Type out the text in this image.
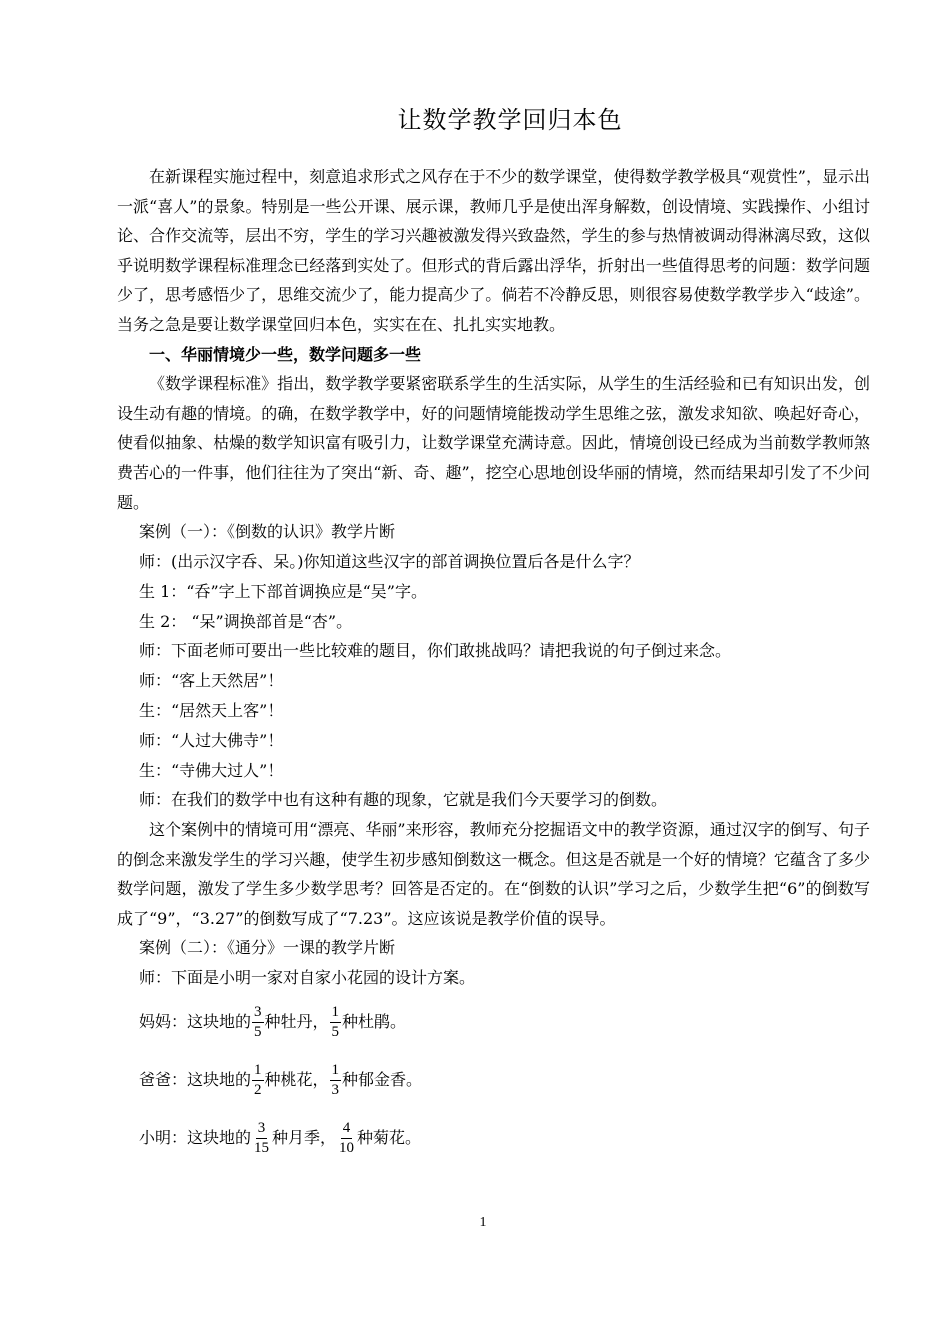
让数学教学回归本色

在新课程实施过程中，刻意追求形式之风存在于不少的数学课堂，使得数学教学极具“观赏性”，显示出一派“喜人”的景象。特别是一些公开课、展示课，教师几乎是使出浑身解数，创设情境、实践操作、小组讨论、合作交流等，层出不穷，学生的学习兴趣被激发得兴致盎然，学生的参与热情被调动得淋漓尽致，这似乎说明数学课程标准理念已经落到实处了。但形式的背后露出浮华，折射出一些值得思考的问题：数学问题少了，思考感悟少了，思维交流少了，能力提高少了。倘若不冷静反思，则很容易使数学教学步入“歧途”。当务之急是要让数学课堂回归本色，实实在在、扎扎实实地教。

一、华丽情境少一些，数学问题多一些

《数学课程标准》指出，数学教学要紧密联系学生的生活实际，从学生的生活经验和已有知识出发，创设生动有趣的情境。的确，在数学教学中，好的问题情境能拨动学生思维之弦，激发求知欲、唤起好奇心，使看似抽象、枯燥的数学知识富有吸引力，让数学课堂充满诗意。因此，情境创设已经成为当前数学教师煞费苦心的一件事，他们往往为了突出“新、奇、趣”，挖空心思地创设华丽的情境，然而结果却引发了不少问题。

案例（一）：《倒数的认识》教学片断

师：(出示汉字呑、呆。)你知道这些汉字的部首调换位置后各是什么字？

生 1：“呑”字上下部首调换应是“吴”字。

生 2： “呆”调换部首是“杏”。

师：下面老师可要出一些比较难的题目，你们敢挑战吗？请把我说的句子倒过来念。

师：“客上天然居”！

生：“居然天上客”！

师：“人过大佛寺”！

生：“寺佛大过人”！

师：在我们的数学中也有这种有趣的现象，它就是我们今天要学习的倒数。

这个案例中的情境可用“漂亮、华丽”来形容，教师充分挖掘语文中的教学资源，通过汉字的倒写、句子的倒念来激发学生的学习兴趣，使学生初步感知倒数这一概念。但这是否就是一个好的情境？它蕴含了多少数学问题，激发了学生多少数学思考？回答是否定的。在“倒数的认识”学习之后，少数学生把“6”的倒数写成了“9”，“3.27”的倒数写成了“7.23”。这应该说是教学价值的误导。

案例（二）：《通分》一课的教学片断

师：下面是小明一家对自家小花园的设计方案。

妈妈：这块地的 $\frac{3}{5}$ 种牡丹， $\frac{1}{5}$ 种杜鹃。
爸爸：这块地的 $\frac{1}{2}$ 种桃花， $\frac{1}{3}$ 种郁金香。
小明：这块地的 $\frac{3}{15}$ 种月季， $\frac{4}{10}$ 种菊花。
1
